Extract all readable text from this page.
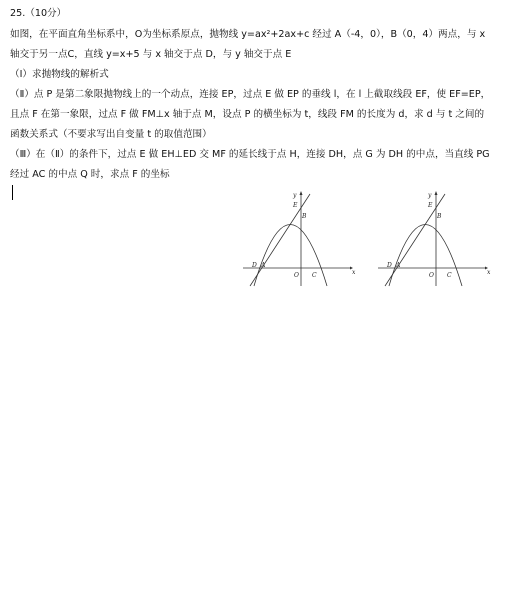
25.（10分）
如图，在平面直角坐标系中，O为坐标系原点，抛物线 y=ax²+2ax+c 经过 A（-4，0），B（0，4）两点，与 x
轴交于另一点C，直线 y=x+5 与 x 轴交于点 D，与 y 轴交于点 E
（Ⅰ）求抛物线的解析式
（Ⅱ）点 P 是第二象限抛物线上的一个动点，连接 EP，过点 E 做 EP 的垂线 l，在 l 上截取线段 EF，使 EF=EP，
且点 F 在第一象限，过点 F 做 FM⊥x 轴于点 M，设点 P 的横坐标为 t，线段 FM 的长度为 d，求 d 与 t 之间的
函数关系式（不要求写出自变量 t 的取值范围）
（Ⅲ）在（Ⅱ）的条件下，过点 E 做 EH⊥ED 交 MF 的延长线于点 H，连接 DH，点 G 为 DH 的中点，当直线 PG
经过 AC 的中点 Q 时，求点 F 的坐标
y
x
E
B
D A
O C
y
x
E
B
D A
O C
